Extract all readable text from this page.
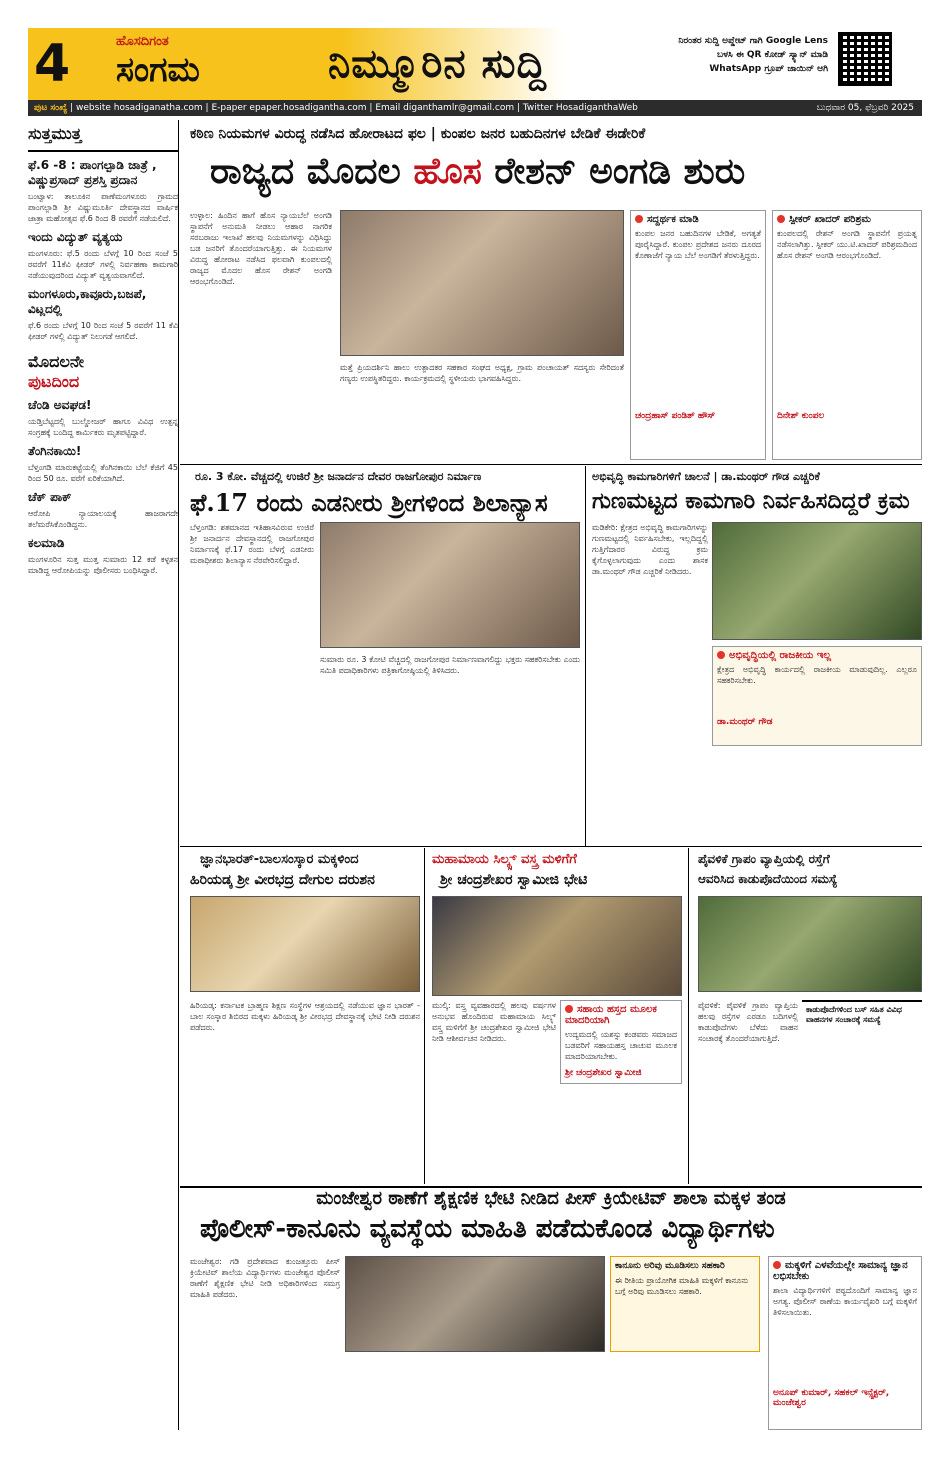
4	ಹೊಸದಿಗಂತ
ಸಂಗಮ	ನಿಮ್ಮೂರಿನ ಸುದ್ದಿ	ನಿರಂತರ ಸುದ್ದಿ ಅಪ್ಡೇಟ್ ಗಾಗಿ Google Lens ಬಳಸಿ ಈ QR ಕೋಡ್ ಸ್ಕ್ಯಾನ್ ಮಾಡಿ WhatsApp ಗ್ರೂಪ್ ಜಾಯಿನ್ ಆಗಿ
ಪುಟ ಸಂಖ್ಯೆ | website hosadiganatha.com | E-paper epaper.hosadigantha.com | Email diganthamlr@gmail.com | Twitter HosadiganthaWeb	ಬುಧವಾರ 05, ಫೆಬ್ರವರಿ 2025
ಸುತ್ತಮುತ್ತ
ಫೆ.6 -8 : ಪಾಂಗಲ್ಪಾಡಿ ಜಾತ್ರೆ , ವಿಷ್ಣುಪ್ರಸಾದ್ ಪ್ರಶಸ್ತಿ ಪ್ರದಾನ
ಬಂಟ್ವಾಳ: ತಾಲೂಕಿನ ಪಾಣೆಮಂಗಳೂರು ಗ್ರಾಮದ ಪಾಂಗಲ್ಪಾಡಿ ಶ್ರೀ ವಿಷ್ಣುಮೂರ್ತಿ ದೇವಸ್ಥಾನದ ವಾರ್ಷಿಕ ಜಾತ್ರಾ ಮಹೋತ್ಸವ ಫೆ.6 ರಿಂದ 8 ರವರೆಗೆ ನಡೆಯಲಿದೆ.
ಇಂದು ವಿದ್ಯುತ್ ವ್ಯತ್ಯಯ
ಮಂಗಳೂರು: ಫೆ.5 ರಂದು ಬೆಳಗ್ಗೆ 10 ರಿಂದ ಸಂಜೆ 5 ರವರೆಗೆ 11ಕೆವಿ ಫೀಡರ್ ಗಳಲ್ಲಿ ನಿರ್ವಹಣಾ ಕಾಮಗಾರಿ ನಡೆಯುವುದರಿಂದ ವಿದ್ಯುತ್ ವ್ಯತ್ಯಯವಾಗಲಿದೆ.
ಮಂಗಳೂರು,ಕಾವೂರು,ಬಜಪೆ, ವಿಟ್ಲದಲ್ಲಿ
ಫೆ.6 ರಂದು ಬೆಳಗ್ಗೆ 10 ರಿಂದ ಸಂಜೆ 5 ರವರೆಗೆ 11 ಕೆವಿ ಫೀಡರ್ ಗಳಲ್ಲಿ ವಿದ್ಯುತ್ ನಿಲುಗಡೆ ಆಗಲಿದೆ.
ಮೊದಲನೇ
ಪುಟದಿಂದ
ಚೆಂಡಿ ಅವಘಡ!
ಯಡ್ತಿಬೆಟ್ಟದಲ್ಲಿ ಬುಲ್ಡೋಜರ್ ಹಾಗೂ ವಿವಿಧ ಉತ್ಪನ್ನ ಸಂಗ್ರಹಕ್ಕೆ ಬಂದಿದ್ದ ಕಾರ್ಮಿಕರು ಮೃತಪಟ್ಟಿದ್ದಾರೆ.
ತೆಂಗಿನಕಾಯಿ!
ಬೆಳ್ತಂಗಡಿ ಮಾರುಕಟ್ಟೆಯಲ್ಲಿ ತೆಂಗಿನಕಾಯಿ ಬೆಲೆ ಕೆಜಿಗೆ 45 ರಿಂದ 50 ರೂ. ವರೆಗೆ ಏರಿಕೆಯಾಗಿದೆ.
ಚೆಕ್ ಪಾಕ್
ಆರೋಪಿ ನ್ಯಾಯಾಲಯಕ್ಕೆ ಹಾಜರಾಗದೇ ತಲೆಮರೆಸಿಕೊಂಡಿದ್ದನು.
ಕಲಮಾಡಿ
ಮಂಗಳೂರಿನ ಸುತ್ತ ಮುತ್ತ ಸುಮಾರು 12 ಕಡೆ ಕಳ್ಳತನ ಮಾಡಿದ್ದ ಆರೋಪಿಯನ್ನು ಪೊಲೀಸರು ಬಂಧಿಸಿದ್ದಾರೆ.
ಕಠಿಣ ನಿಯಮಗಳ ವಿರುದ್ಧ ನಡೆಸಿದ ಹೋರಾಟದ ಫಲ | ಕುಂಪಲ ಜನರ ಬಹುದಿನಗಳ ಬೇಡಿಕೆ ಈಡೇರಿಕೆ
ರಾಜ್ಯದ ಮೊದಲ ಹೊಸ ರೇಶನ್ ಅಂಗಡಿ ಶುರು
ಉಳ್ಳಾಲ: ಹಿಂದಿನ ಹಾಗೆ ಹೊಸ ನ್ಯಾಯಬೆಲೆ ಅಂಗಡಿ ಸ್ಥಾಪನೆಗೆ ಅನುಮತಿ ನೀಡಲು ಆಹಾರ ನಾಗರಿಕ ಸರಬರಾಜು ಇಲಾಖೆ ಹಲವು ನಿಯಮಗಳನ್ನು ವಿಧಿಸಿದ್ದು ಬಡ ಜನರಿಗೆ ತೊಂದರೆಯಾಗುತ್ತಿತ್ತು. ಈ ನಿಯಮಗಳ ವಿರುದ್ಧ ಹೋರಾಟ ನಡೆಸಿದ ಫಲವಾಗಿ ಕುಂಪಲದಲ್ಲಿ ರಾಜ್ಯದ ಮೊದಲ ಹೊಸ ರೇಶನ್ ಅಂಗಡಿ ಆರಂಭಗೊಂಡಿದೆ.
ಮತ್ತೆ ಪ್ರಿಯದರ್ಶಿನಿ ಹಾಲು ಉತ್ಪಾದಕರ ಸಹಕಾರ ಸಂಘದ ಅಧ್ಯಕ್ಷ, ಗ್ರಾಮ ಪಂಚಾಯತ್ ಸದಸ್ಯರು ಸೇರಿದಂತೆ ಗಣ್ಯರು ಉಪಸ್ಥಿತರಿದ್ದರು. ಕಾರ್ಯಕ್ರಮದಲ್ಲಿ ಸ್ಥಳೀಯರು ಭಾಗವಹಿಸಿದ್ದರು.
ಸದ್ದರ್ಥಕ ಮಾಡಿ
ಕುಂಪಲ ಜನರ ಬಹುದಿನಗಳ ಬೇಡಿಕೆ, ಅಗತ್ಯತೆ ಪೂರೈಸಿದ್ದಾರೆ. ಕುಂಪಲ ಪ್ರದೇಶದ ಜನರು ದೂರದ ಕೊಣಾಜೆಗೆ ನ್ಯಾಯ ಬೆಲೆ ಅಂಗಡಿಗೆ ತೆರಳುತ್ತಿದ್ದರು.
ಚಂದ್ರಹಾಸ್ ಪಂಡಿತ್ ಹೌಸ್
ಸ್ಪೀಕರ್ ಖಾದರ್ ಪರಿಶ್ರಮ
ಕುಂಪಲದಲ್ಲಿ ರೇಶನ್ ಅಂಗಡಿ ಸ್ಥಾಪನೆಗೆ ಪ್ರಯತ್ನ ನಡೆಸಲಾಗಿತ್ತು. ಸ್ಪೀಕರ್ ಯು.ಟಿ.ಖಾದರ್ ಪರಿಶ್ರಮದಿಂದ ಹೊಸ ರೇಶನ್ ಅಂಗಡಿ ಆರಂಭಗೊಂಡಿದೆ.
ದಿನೇಶ್ ಕುಂಪಲ
ರೂ. 3 ಕೋ. ವೆಚ್ಚದಲ್ಲಿ ಉಜಿರೆ ಶ್ರೀ ಜನಾರ್ದನ ದೇವರ ರಾಜಗೋಪುರ ನಿರ್ಮಾಣ
ಫೆ.17 ರಂದು ಎಡನೀರು ಶ್ರೀಗಳಿಂದ ಶಿಲಾನ್ಯಾಸ
ಬೆಳ್ತಂಗಡಿ: ಶತಮಾನದ ಇತಿಹಾಸವಿರುವ ಉಜಿರೆ ಶ್ರೀ ಜನಾರ್ದನ ದೇವಸ್ಥಾನದಲ್ಲಿ ರಾಜಗೋಪುರ ನಿರ್ಮಾಣಕ್ಕೆ ಫೆ.17 ರಂದು ಬೆಳಗ್ಗೆ ಎಡನೀರು ಮಠಾಧೀಶರು ಶಿಲಾನ್ಯಾಸ ನೆರವೇರಿಸಲಿದ್ದಾರೆ.
ಸುಮಾರು ರೂ. 3 ಕೋಟಿ ವೆಚ್ಚದಲ್ಲಿ ರಾಜಗೋಪುರ ನಿರ್ಮಾಣವಾಗಲಿದ್ದು ಭಕ್ತರು ಸಹಕರಿಸಬೇಕು ಎಂದು ಸಮಿತಿ ಪದಾಧಿಕಾರಿಗಳು ಪತ್ರಿಕಾಗೋಷ್ಠಿಯಲ್ಲಿ ತಿಳಿಸಿದರು.
ಅಭಿವೃದ್ಧಿ ಕಾಮಗಾರಿಗಳಿಗೆ ಚಾಲನೆ | ಡಾ.ಮಂಥರ್ ಗೌಡ ಎಚ್ಚರಿಕೆ
ಗುಣಮಟ್ಟದ ಕಾಮಗಾರಿ ನಿರ್ವಹಿಸದಿದ್ದರೆ ಕ್ರಮ
ಮಡಿಕೇರಿ: ಕ್ಷೇತ್ರದ ಅಭಿವೃದ್ಧಿ ಕಾಮಗಾರಿಗಳನ್ನು ಗುಣಮಟ್ಟದಲ್ಲಿ ನಿರ್ವಹಿಸಬೇಕು, ಇಲ್ಲದಿದ್ದಲ್ಲಿ ಗುತ್ತಿಗೆದಾರರ ವಿರುದ್ಧ ಕ್ರಮ ಕೈಗೊಳ್ಳಲಾಗುವುದು ಎಂದು ಶಾಸಕ ಡಾ.ಮಂಥರ್ ಗೌಡ ಎಚ್ಚರಿಕೆ ನೀಡಿದರು.
ಅಭಿವೃದ್ಧಿಯಲ್ಲಿ ರಾಜಕೀಯ ಇಲ್ಲ
ಕ್ಷೇತ್ರದ ಅಭಿವೃದ್ಧಿ ಕಾರ್ಯದಲ್ಲಿ ರಾಜಕೀಯ ಮಾಡುವುದಿಲ್ಲ. ಎಲ್ಲರೂ ಸಹಕರಿಸಬೇಕು.
ಡಾ.ಮಂಥರ್ ಗೌಡ
ಜ್ಞಾನಭಾರತ್-ಬಾಲಸಂಸ್ಕಾರ ಮಕ್ಕಳಿಂದ
ಹಿರಿಯಡ್ಕ ಶ್ರೀ ವೀರಭದ್ರ ದೇಗುಲ ದರುಶನ
ಹಿರಿಯಡ್ಕ: ಕರ್ನಾಟಕ ಬ್ರಾಹ್ಮಣ ಶಿಕ್ಷಣ ಸಂಸ್ಥೆಗಳ ಆಶ್ರಯದಲ್ಲಿ ನಡೆಯುವ ಜ್ಞಾನ ಭಾರತ್ - ಬಾಲ ಸಂಸ್ಕಾರ ಶಿಬಿರದ ಮಕ್ಕಳು ಹಿರಿಯಡ್ಕ ಶ್ರೀ ವೀರಭದ್ರ ದೇವಸ್ಥಾನಕ್ಕೆ ಭೇಟಿ ನೀಡಿ ದರುಶನ ಪಡೆದರು.
ಮಹಾಮಾಯ ಸಿಲ್ಕ್ಸ್ ವಸ್ತ್ರ ಮಳಿಗೆಗೆ
ಶ್ರೀ ಚಂದ್ರಶೇಖರ ಸ್ವಾಮೀಜಿ ಭೇಟಿ
ಮುಲ್ಕಿ: ವಸ್ತ್ರ ವ್ಯವಹಾರದಲ್ಲಿ ಹಲವು ವರ್ಷಗಳ ಅನುಭವ ಹೊಂದಿರುವ ಮಹಾಮಾಯ ಸಿಲ್ಕ್ಸ್ ವಸ್ತ್ರ ಮಳಿಗೆಗೆ ಶ್ರೀ ಚಂದ್ರಶೇಖರ ಸ್ವಾಮೀಜಿ ಭೇಟಿ ನೀಡಿ ಆಶೀರ್ವಚನ ನೀಡಿದರು.
ಸಹಾಯ ಹಸ್ತದ ಮೂಲಕ ಮಾದರಿಯಾಗಿ
ಉದ್ಯಮದಲ್ಲಿ ಯಶಸ್ಸು ಕಂಡವರು ಸಮಾಜದ ಬಡವರಿಗೆ ಸಹಾಯಹಸ್ತ ಚಾಚುವ ಮೂಲಕ ಮಾದರಿಯಾಗಬೇಕು.
ಶ್ರೀ ಚಂದ್ರಶೇಖರ ಸ್ವಾಮೀಜಿ
ಪೈವಳಿಕೆ ಗ್ರಾಪಂ ವ್ಯಾಪ್ತಿಯಲ್ಲಿ ರಸ್ತೆಗೆ
ಆವರಿಸಿದ ಕಾಡುಪೊದೆಯಿಂದ ಸಮಸ್ಯೆ
ಪೈವಳಿಕೆ: ಪೈವಳಿಕೆ ಗ್ರಾಪಂ ವ್ಯಾಪ್ತಿಯ ಹಲವು ರಸ್ತೆಗಳ ಎರಡೂ ಬದಿಗಳಲ್ಲಿ ಕಾಡುಪೊದೆಗಳು ಬೆಳೆದು ವಾಹನ ಸಂಚಾರಕ್ಕೆ ತೊಂದರೆಯಾಗುತ್ತಿದೆ.
ಕಾಡುಪೊದೆಗಳಿಂದ ಬಸ್ ಸಹಿತ ವಿವಿಧ ವಾಹನಗಳ ಸಂಚಾರಕ್ಕೆ ಸಮಸ್ಯೆ
ಮಂಜೇಶ್ವರ ಠಾಣೆಗೆ ಶೈಕ್ಷಣಿಕ ಭೇಟಿ ನೀಡಿದ ಪೀಸ್ ಕ್ರಿಯೇಟಿವ್ ಶಾಲಾ ಮಕ್ಕಳ ತಂಡ
ಪೊಲೀಸ್-ಕಾನೂನು ವ್ಯವಸ್ಥೆಯ ಮಾಹಿತಿ ಪಡೆದುಕೊಂಡ ವಿದ್ಯಾರ್ಥಿಗಳು
ಮಂಜೇಶ್ವರ: ಗಡಿ ಪ್ರದೇಶವಾದ ಕುಂಜತ್ತೂರು ಪೀಸ್ ಕ್ರಿಯೇಟಿವ್ ಶಾಲೆಯ ವಿದ್ಯಾರ್ಥಿಗಳು ಮಂಜೇಶ್ವರ ಪೊಲೀಸ್ ಠಾಣೆಗೆ ಶೈಕ್ಷಣಿಕ ಭೇಟಿ ನೀಡಿ ಅಧಿಕಾರಿಗಳಿಂದ ಸಮಗ್ರ ಮಾಹಿತಿ ಪಡೆದರು.
ಕಾನೂನು ಅರಿವು ಮೂಡಿಸಲು ಸಹಕಾರಿ
ಈ ರೀತಿಯ ಪ್ರಾಯೋಗಿಕ ಮಾಹಿತಿ ಮಕ್ಕಳಿಗೆ ಕಾನೂನು ಬಗ್ಗೆ ಅರಿವು ಮೂಡಿಸಲು ಸಹಕಾರಿ.
ಮಕ್ಕಳಿಗೆ ಎಳವೆಯಲ್ಲೇ ಸಾಮಾನ್ಯ ಜ್ಞಾನ ಲಭಿಸಬೇಕು
ಶಾಲಾ ವಿದ್ಯಾರ್ಥಿಗಳಿಗೆ ಪಠ್ಯದೊಂದಿಗೆ ಸಾಮಾನ್ಯ ಜ್ಞಾನ ಅಗತ್ಯ. ಪೊಲೀಸ್ ಠಾಣೆಯ ಕಾರ್ಯವೈಖರಿ ಬಗ್ಗೆ ಮಕ್ಕಳಿಗೆ ತಿಳಿಸಲಾಯಿತು.
ಅನೂಪ್ ಕುಮಾರ್, ಸಹಕಲ್ ಇನ್ಸ್ಪೆಕ್ಟರ್, ಮಂಜೇಶ್ವರ
